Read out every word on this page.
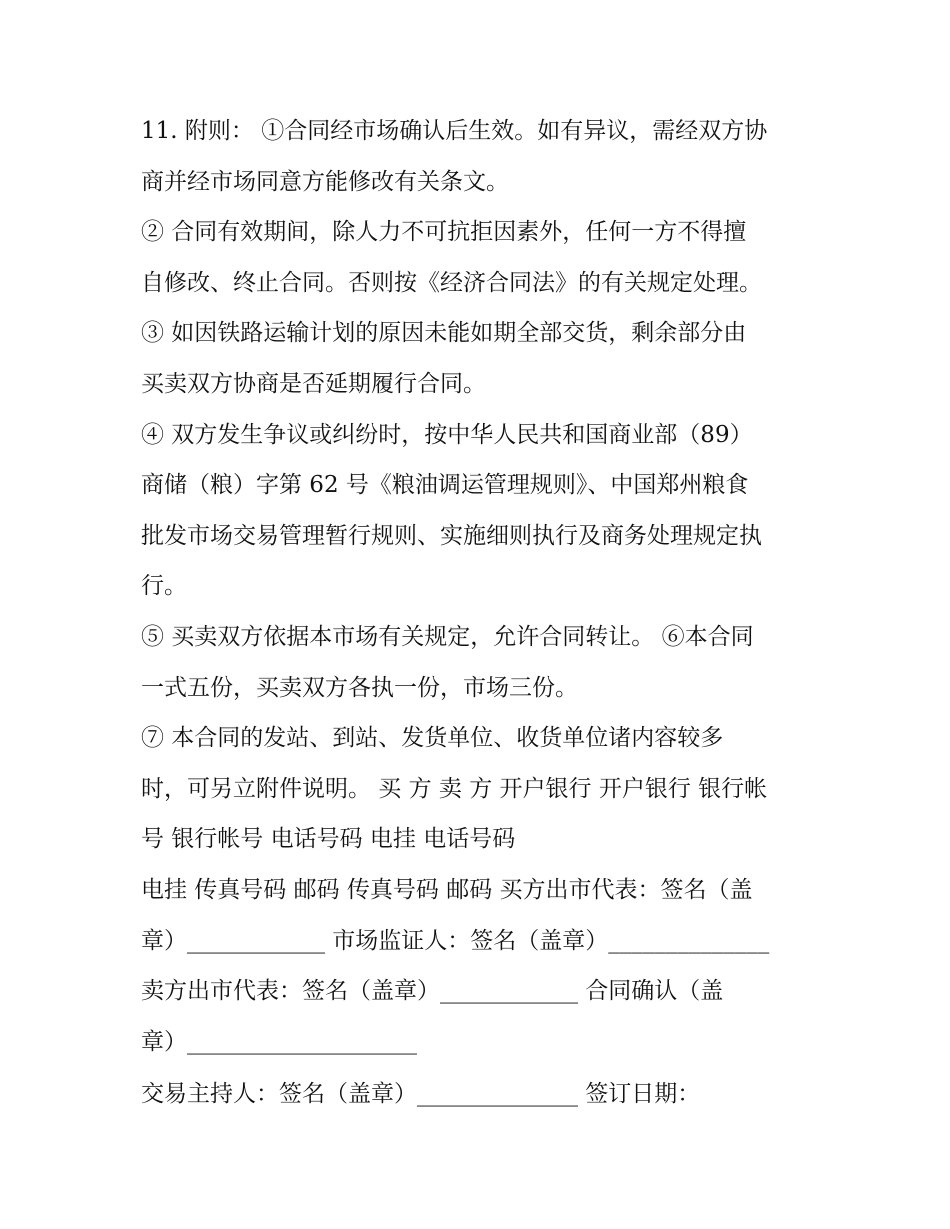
11. 附则： ①合同经市场确认后生效。如有异议，需经双方协
商并经市场同意方能修改有关条文。
② 合同有效期间，除人力不可抗拒因素外，任何一方不得擅
自修改、终止合同。否则按《经济合同法》的有关规定处理。
③ 如因铁路运输计划的原因未能如期全部交货，剩余部分由
买卖双方协商是否延期履行合同。
④ 双方发生争议或纠纷时，按中华人民共和国商业部（89）
商储（粮）字第 62 号《粮油调运管理规则》、中国郑州粮食
批发市场交易管理暂行规则、实施细则执行及商务处理规定执
行。
⑤ 买卖双方依据本市场有关规定，允许合同转让。 ⑥本合同
一式五份，买卖双方各执一份，市场三份。
⑦ 本合同的发站、到站、发货单位、收货单位诸内容较多
时，可另立附件说明。 买 方 卖 方 开户银行 开户银行 银行帐
号 银行帐号 电话号码 电挂 电话号码
电挂 传真号码 邮码 传真号码 邮码 买方出市代表：签名（盖
章）____________ 市场监证人：签名（盖章）______________
卖方出市代表：签名（盖章）____________ 合同确认（盖
章）____________________
交易主持人：签名（盖章）______________ 签订日期：
